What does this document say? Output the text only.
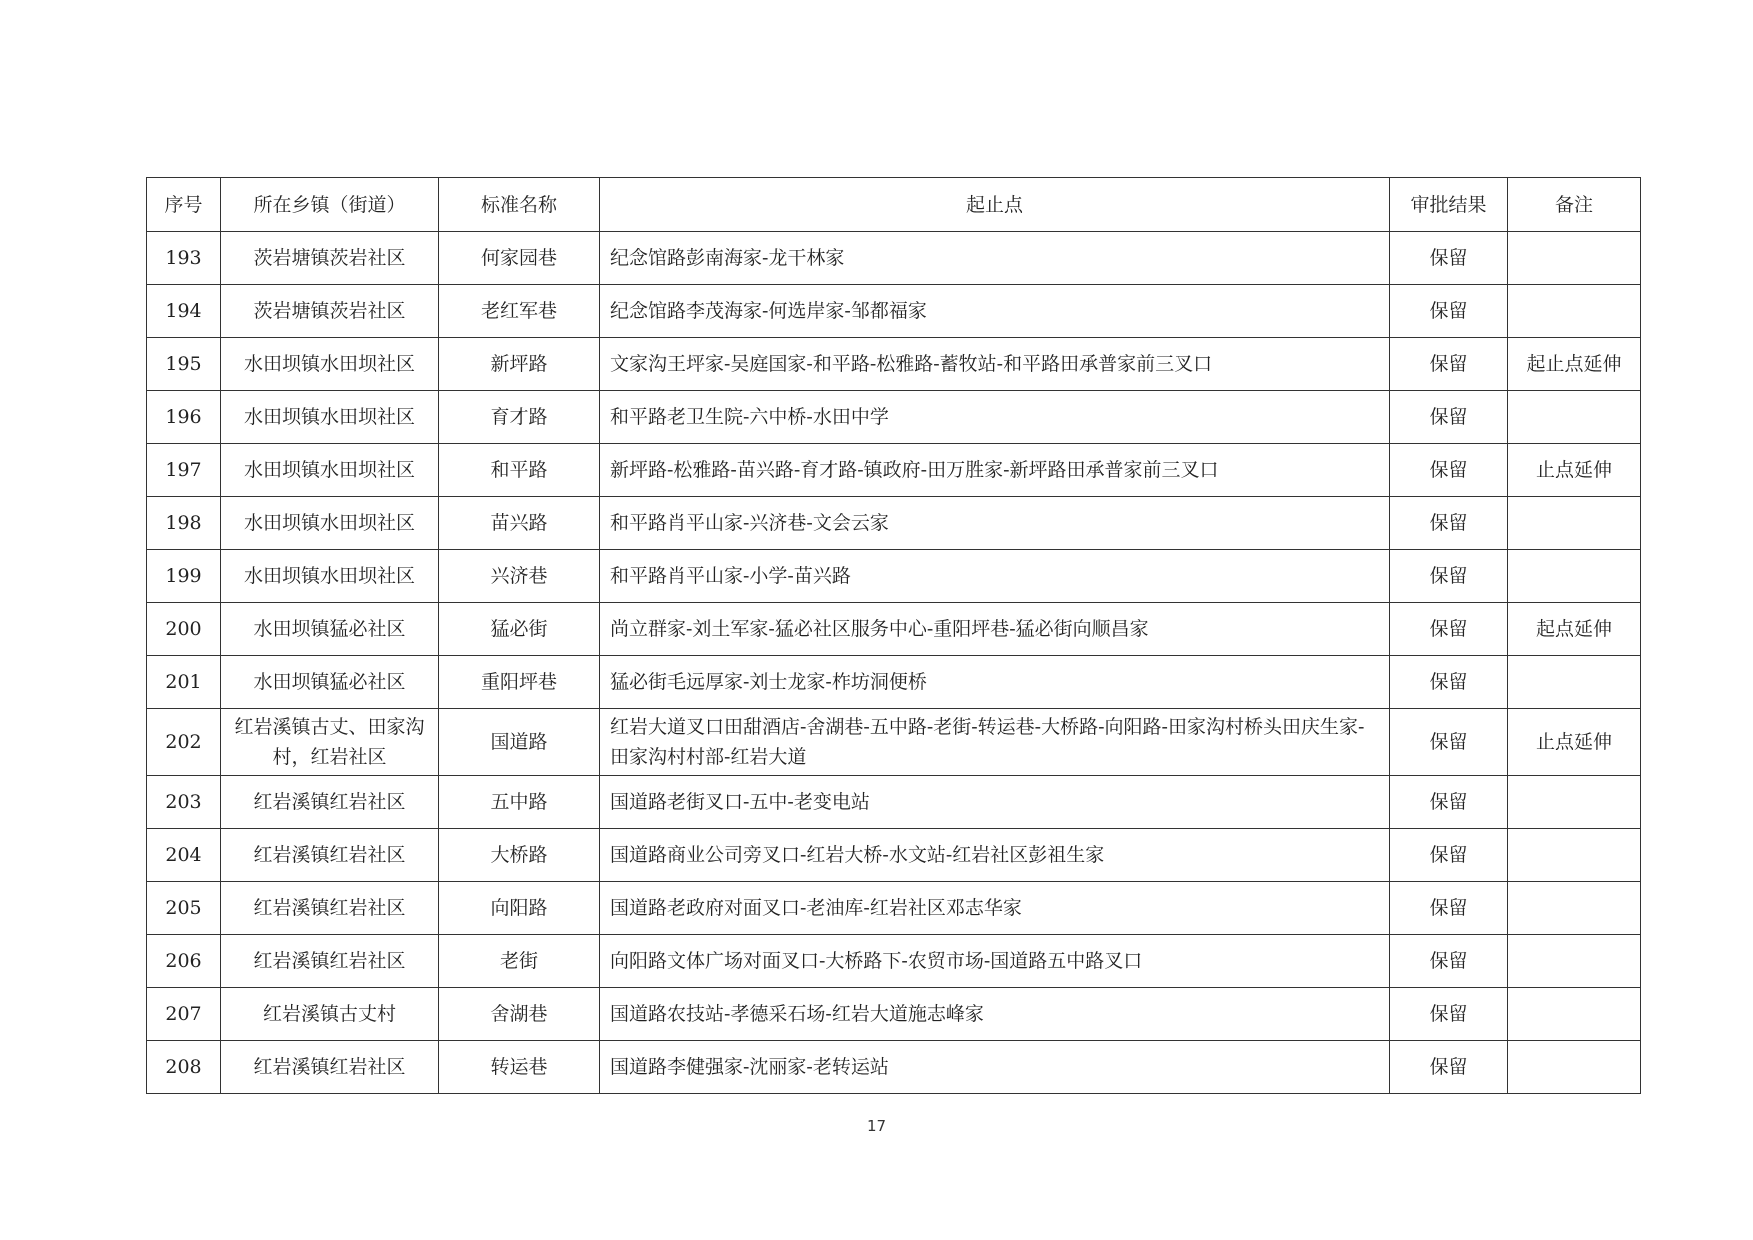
序号	所在乡镇（街道）	标准名称	起止点	审批结果	备注
193	茨岩塘镇茨岩社区	何家园巷	纪念馆路彭南海家-龙干林家	保留	
194	茨岩塘镇茨岩社区	老红军巷	纪念馆路李茂海家-何选岸家-邹都福家	保留	
195	水田坝镇水田坝社区	新坪路	文家沟王坪家-吴庭国家-和平路-松雅路-蓄牧站-和平路田承普家前三叉口	保留	起止点延伸
196	水田坝镇水田坝社区	育才路	和平路老卫生院-六中桥-水田中学	保留	
197	水田坝镇水田坝社区	和平路	新坪路-松雅路-苗兴路-育才路-镇政府-田万胜家-新坪路田承普家前三叉口	保留	止点延伸
198	水田坝镇水田坝社区	苗兴路	和平路肖平山家-兴济巷-文会云家	保留	
199	水田坝镇水田坝社区	兴济巷	和平路肖平山家-小学-苗兴路	保留	
200	水田坝镇猛必社区	猛必街	尚立群家-刘土军家-猛必社区服务中心-重阳坪巷-猛必街向顺昌家	保留	起点延伸
201	水田坝镇猛必社区	重阳坪巷	猛必街毛远厚家-刘士龙家-柞坊洞便桥	保留	
202	红岩溪镇古丈、田家沟村，红岩社区	国道路	红岩大道叉口田甜酒店-舍湖巷-五中路-老街-转运巷-大桥路-向阳路-田家沟村桥头田庆生家-田家沟村村部-红岩大道	保留	止点延伸
203	红岩溪镇红岩社区	五中路	国道路老街叉口-五中-老变电站	保留	
204	红岩溪镇红岩社区	大桥路	国道路商业公司旁叉口-红岩大桥-水文站-红岩社区彭祖生家	保留	
205	红岩溪镇红岩社区	向阳路	国道路老政府对面叉口-老油库-红岩社区邓志华家	保留	
206	红岩溪镇红岩社区	老街	向阳路文体广场对面叉口-大桥路下-农贸市场-国道路五中路叉口	保留	
207	红岩溪镇古丈村	舍湖巷	国道路农技站-孝德采石场-红岩大道施志峰家	保留	
208	红岩溪镇红岩社区	转运巷	国道路李健强家-沈丽家-老转运站	保留	
17
